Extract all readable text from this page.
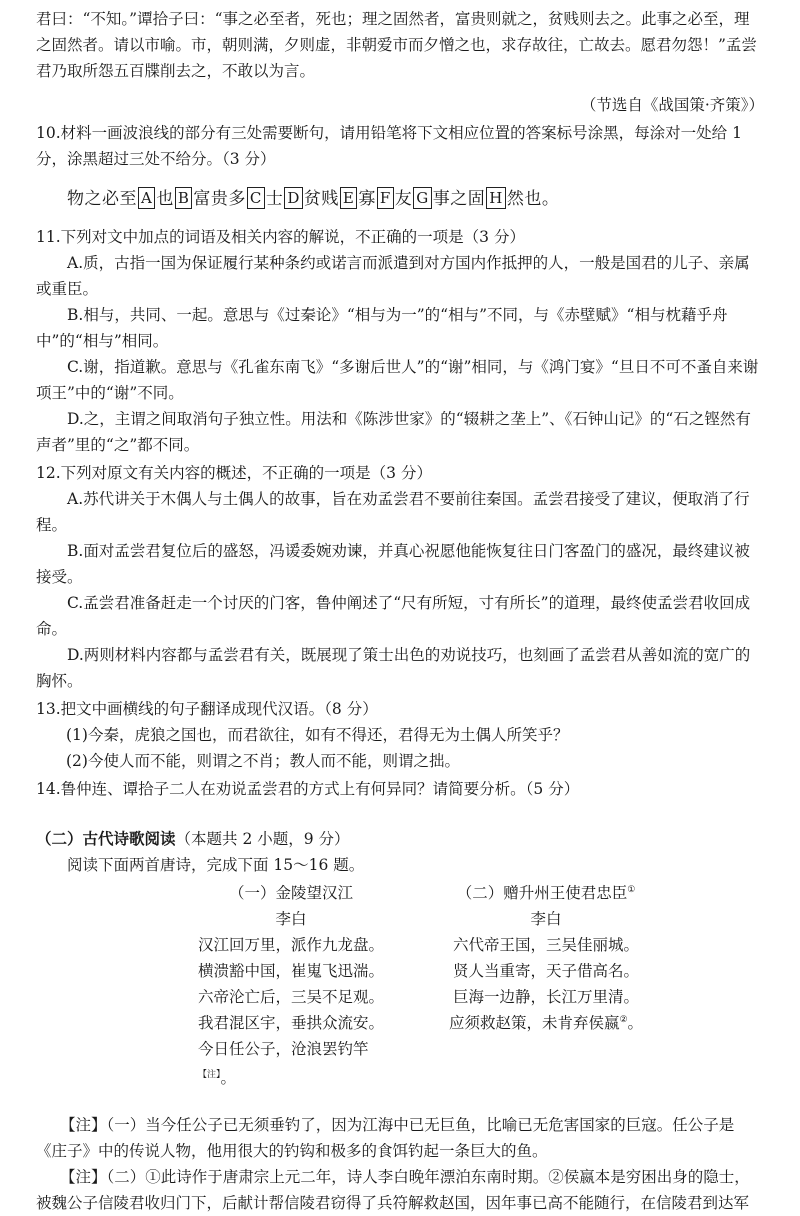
君曰：“不知。”谭拾子曰：“事之必至者，死也；理之固然者，富贵则就之，贫贱则去之。此事之必至，理之固然者。请以市喻。市，朝则满，夕则虚，非朝爱市而夕憎之也，求存故往，亡故去。愿君勿怨！”孟尝君乃取所怨五百牒削去之，不敢以为言。

（节选自《战国策·齐策》）

10.材料一画波浪线的部分有三处需要断句，请用铅笔将下文相应位置的答案标号涂黑，每涂对一处给 1 分，涂黑超过三处不给分。（3 分）

物之必至 A 也 B 富贵多 C 士 D 贫贱 E 寡 F 友 G 事之固 H 然也。

11.下列对文中加点的词语及相关内容的解说，不正确的一项是（3 分）

A.质，古指一国为保证履行某种条约或诺言而派遣到对方国内作抵押的人，一般是国君的儿子、亲属或重臣。

B.相与，共同、一起。意思与《过秦论》“相与为一”的“相与”不同，与《赤壁赋》“相与枕藉乎舟中”的“相与”相同。

C.谢，指道歉。意思与《孔雀东南飞》“多谢后世人”的“谢”相同，与《鸿门宴》“旦日不可不蚤自来谢项王”中的“谢”不同。

D.之，主谓之间取消句子独立性。用法和《陈涉世家》的“辍耕之垄上”、《石钟山记》的“石之铿然有声者”里的“之”都不同。

12.下列对原文有关内容的概述，不正确的一项是（3 分）

A.苏代讲关于木偶人与土偶人的故事，旨在劝孟尝君不要前往秦国。孟尝君接受了建议，便取消了行程。

B.面对孟尝君复位后的盛怒，冯谖委婉劝谏，并真心祝愿他能恢复往日门客盈门的盛况，最终建议被接受。

C.孟尝君准备赶走一个讨厌的门客，鲁仲阐述了“尺有所短，寸有所长”的道理，最终使孟尝君收回成命。

D.两则材料内容都与孟尝君有关，既展现了策士出色的劝说技巧，也刻画了孟尝君从善如流的宽广的胸怀。

13.把文中画横线的句子翻译成现代汉语。（8 分）

(1)今秦，虎狼之国也，而君欲往，如有不得还，君得无为土偶人所笑乎？

(2)今使人而不能，则谓之不肖；教人而不能，则谓之拙。

14.鲁仲连、谭拾子二人在劝说孟尝君的方式上有何异同？请简要分析。（5 分）

（二）古代诗歌阅读（本题共 2 小题，9 分）

阅读下面两首唐诗，完成下面 15～16 题。

（一）金陵望汉江
李白
汉江回万里，派作九龙盘。
横溃豁中国，崔嵬飞迅湍。
六帝沦亡后，三吴不足观。
我君混区宇，垂拱众流安。
今日任公子，沧浪罢钓竿$^{【注】}$。
（二）赠升州王使君忠臣①
李白
六代帝王国，三吴佳丽城。
贤人当重寄，天子借高名。
巨海一边静，长江万里清。
应须救赵策，未肯弃侯嬴②。

【注】（一）当今任公子已无须垂钓了，因为江海中已无巨鱼，比喻已无危害国家的巨寇。任公子是《庄子》中的传说人物，他用很大的钓钩和极多的食饵钓起一条巨大的鱼。

【注】（二）①此诗作于唐肃宗上元二年，诗人李白晚年漂泊东南时期。②侯嬴本是穷困出身的隐士，被魏公子信陵君收归门下，后献计帮信陵君窃得了兵符解救赵国，因年事已高不能随行，在信陵君到达军
